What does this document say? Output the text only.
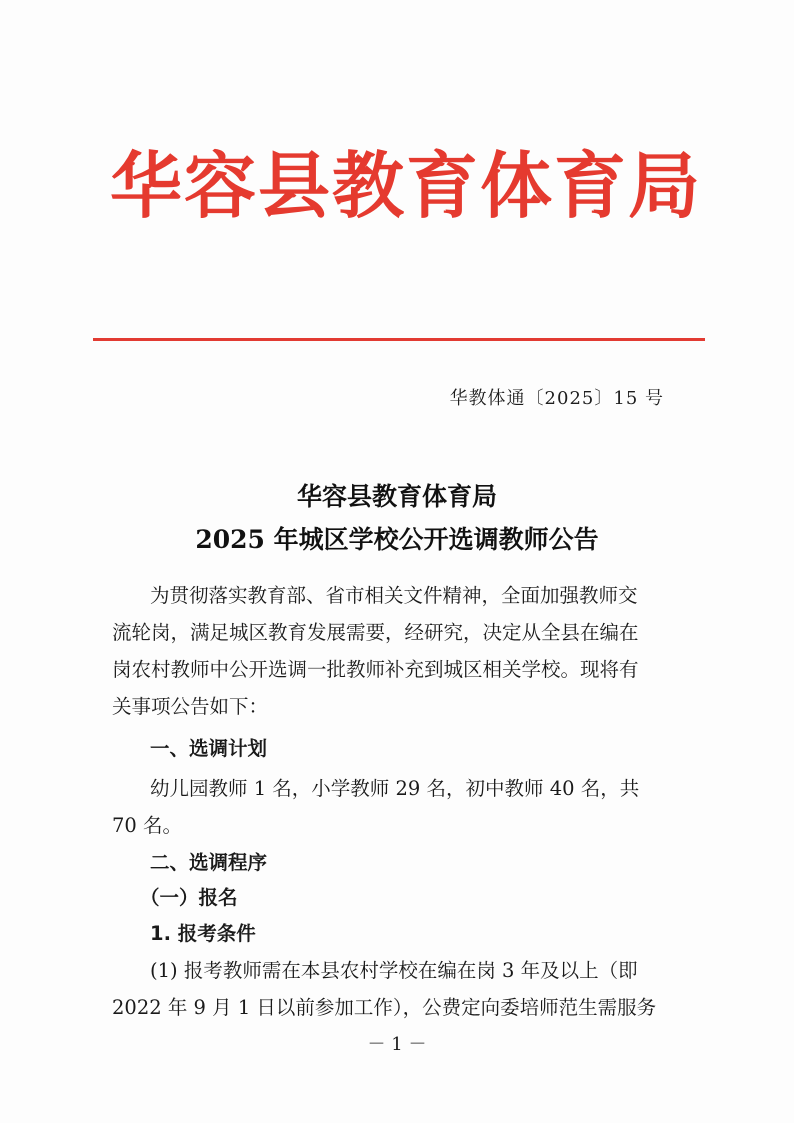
华容县教育体育局
华教体通〔2025〕15 号
华容县教育体育局
2025 年城区学校公开选调教师公告
为贯彻落实教育部、省市相关文件精神，全面加强教师交
流轮岗，满足城区教育发展需要，经研究，决定从全县在编在
岗农村教师中公开选调一批教师补充到城区相关学校。现将有
关事项公告如下：
一、选调计划
幼儿园教师 1 名，小学教师 29 名，初中教师 40 名，共
70 名。
二、选调程序
（一）报名
1. 报考条件
(1) 报考教师需在本县农村学校在编在岗 3 年及以上（即
2022 年 9 月 1 日以前参加工作），公费定向委培师范生需服务
－ 1 －
